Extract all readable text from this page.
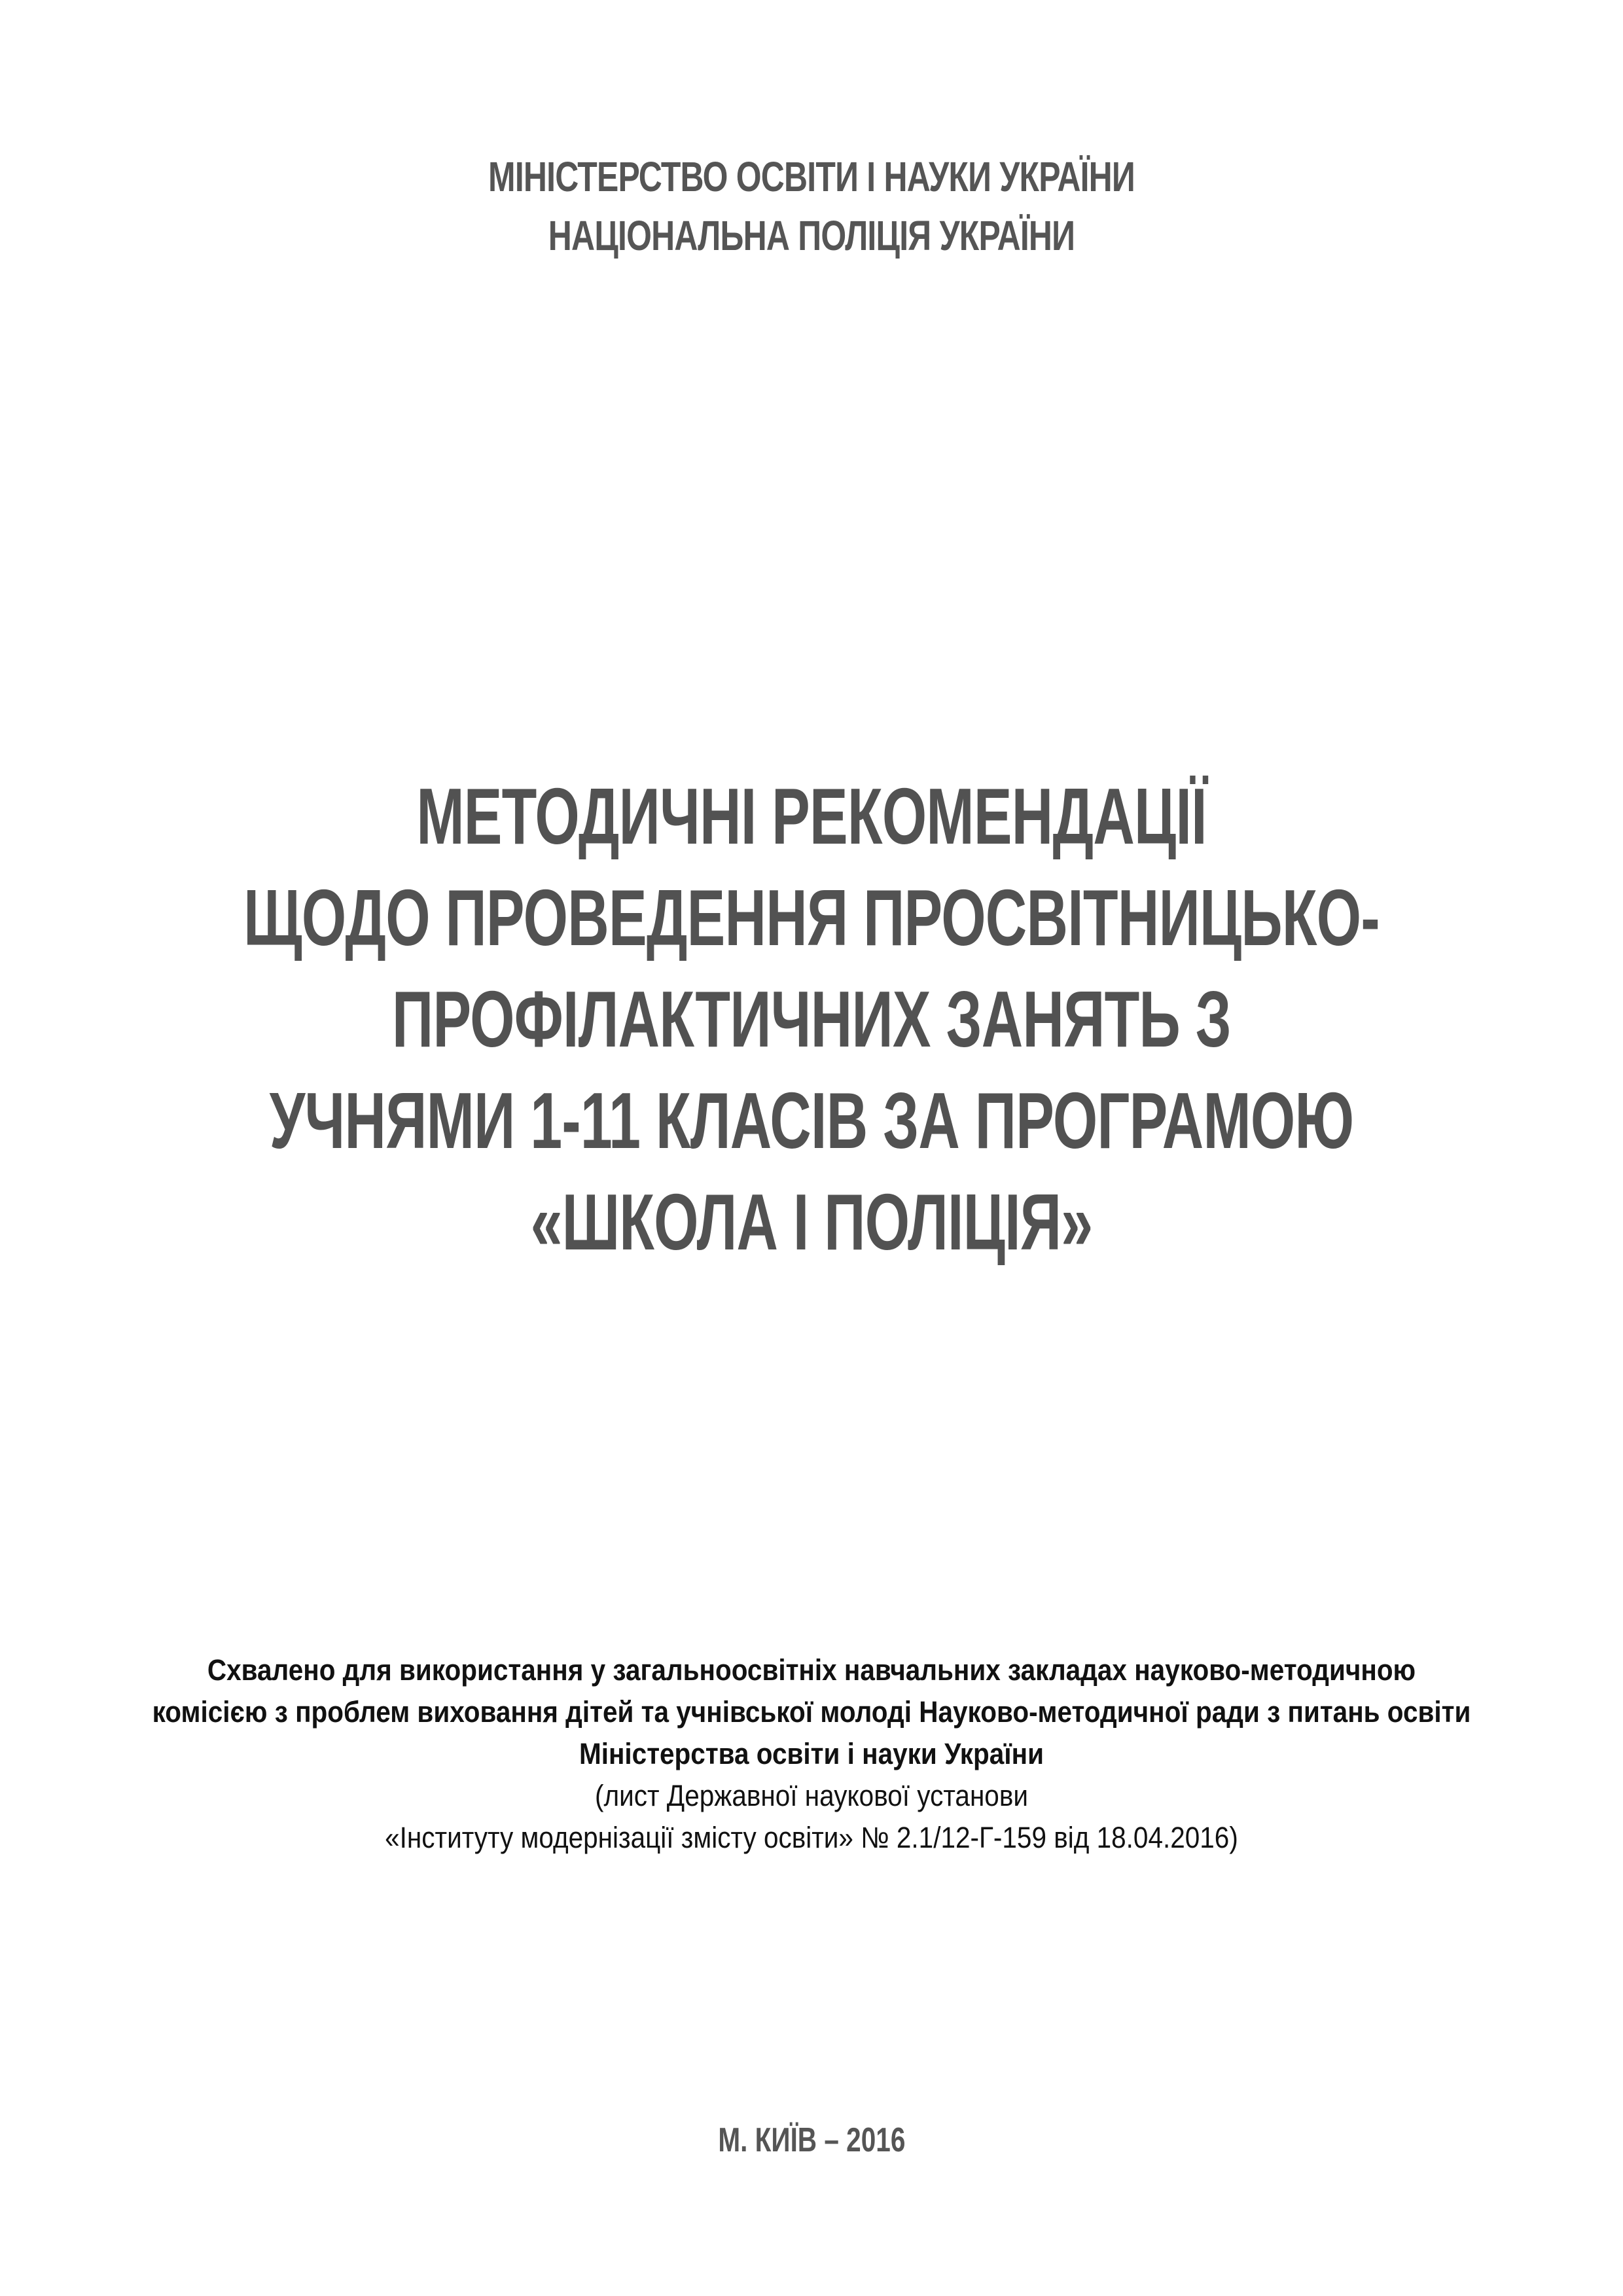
МІНІСТЕРСТВО ОСВІТИ І НАУКИ УКРАЇНИ
НАЦІОНАЛЬНА ПОЛІЦІЯ УКРАЇНИ
МЕТОДИЧНІ РЕКОМЕНДАЦІЇ
ЩОДО ПРОВЕДЕННЯ ПРОСВІТНИЦЬКО-
ПРОФІЛАКТИЧНИХ ЗАНЯТЬ З
УЧНЯМИ 1-11 КЛАСІВ ЗА ПРОГРАМОЮ
«ШКОЛА І ПОЛІЦІЯ»
Схвалено для використання у загальноосвітніх навчальних закладах науково-методичною
комісією з проблем виховання дітей та учнівської молоді Науково-методичної ради з питань освіти
Міністерства освіти і науки України
(лист Державної наукової установи
«Інституту модернізації змісту освіти» № 2.1/12-Г-159 від 18.04.2016)
М. КИЇВ – 2016
